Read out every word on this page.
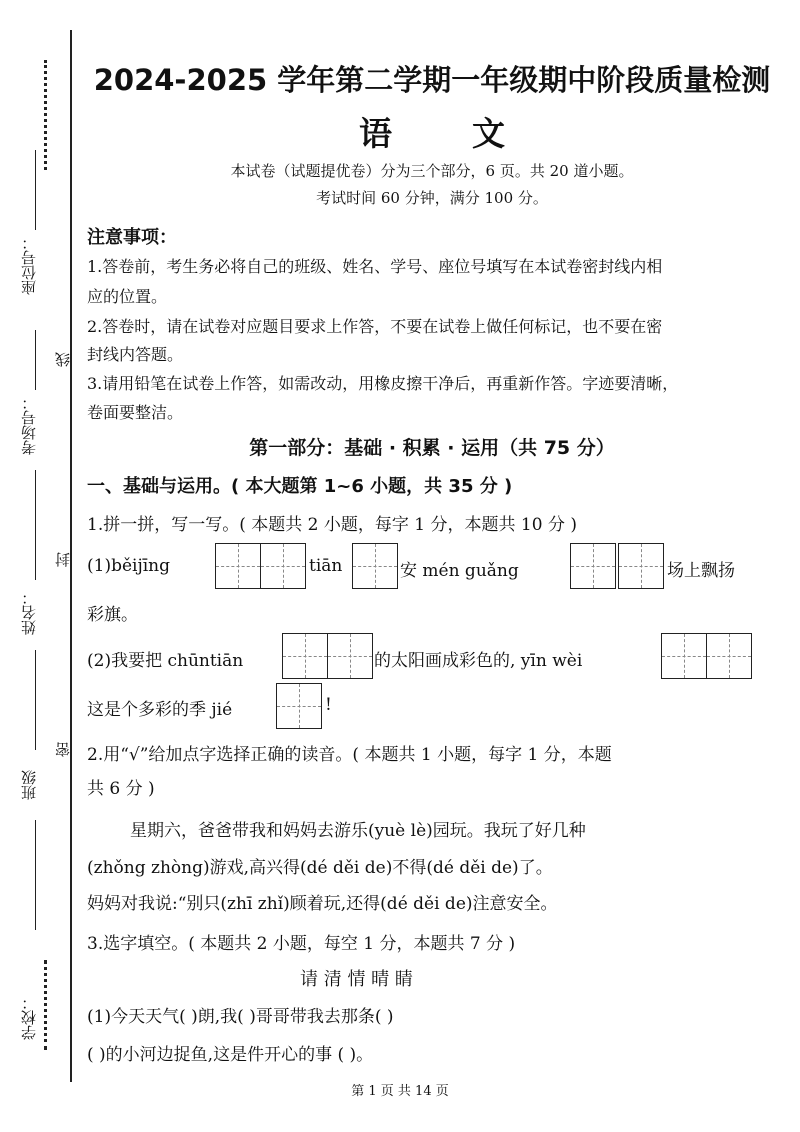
学校：
班级
姓名：
考场号：
座位号：
密
封
线
2024-2025 学年第二学期一年级期中阶段质量检测
语文
本试卷（试题提优卷）分为三个部分，6 页。共 20 道小题。
考试时间 60 分钟，满分 100 分。
注意事项：
1.答卷前，考生务必将自己的班级、姓名、学号、座位号填写在本试卷密封线内相
应的位置。
2.答卷时，请在试卷对应题目要求上作答，不要在试卷上做任何标记，也不要在密
封线内答题。
3.请用铅笔在试卷上作答，如需改动，用橡皮擦干净后，再重新作答。字迹要清晰，
卷面要整洁。
第一部分：基础 · 积累 · 运用（共 75 分）
一、基础与运用。( 本大题第 1~6 小题，共 35 分 )
1.拼一拼，写一写。( 本题共 2 小题，每字 1 分，本题共 10 分 )
(1)běijīng	tiān	安 mén guǎng	场上飘扬
彩旗。
(2)我要把 chūntiān	的太阳画成彩色的, yīn wèi
这是个多彩的季 jié	!
2.用“√”给加点字选择正确的读音。( 本题共 1 小题，每字 1 分，本题
共 6 分 )
星期六，爸爸带我和妈妈去游乐(yuè lè)园玩。我玩了好几种
(zhǒng zhòng)游戏,高兴得(dé děi de)不得(dé děi de)了。
妈妈对我说:“别只(zhī zhǐ)顾着玩,还得(dé děi de)注意安全。
3.选字填空。( 本题共 2 小题，每空 1 分，本题共 7 分 )
请 清 情 晴 睛
(1)今天天气( )朗,我( )哥哥带我去那条( )
( )的小河边捉鱼,这是件开心的事 ( )。
第 1 页 共 14 页
